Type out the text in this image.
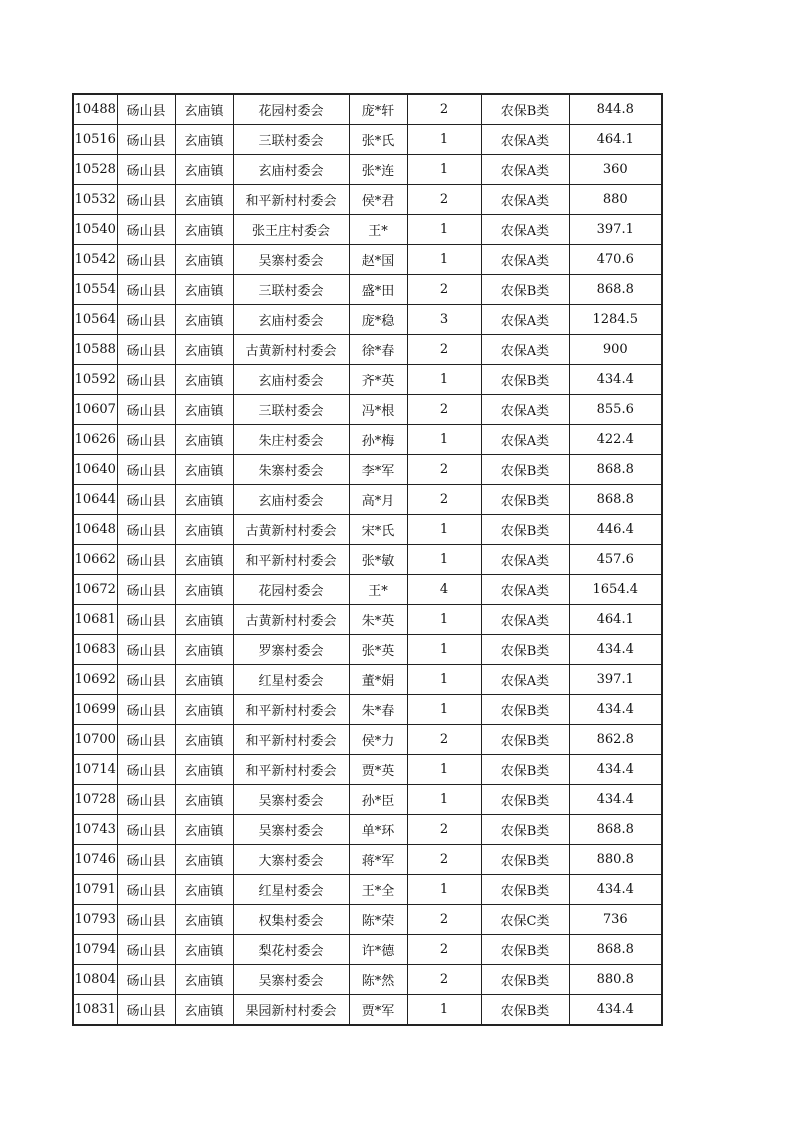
10488	砀山县	玄庙镇	花园村委会	庞*轩	2	农保B类	844.8
10516	砀山县	玄庙镇	三联村委会	张*氏	1	农保A类	464.1
10528	砀山县	玄庙镇	玄庙村委会	张*连	1	农保A类	360
10532	砀山县	玄庙镇	和平新村村委会	侯*君	2	农保A类	880
10540	砀山县	玄庙镇	张王庄村委会	王*	1	农保A类	397.1
10542	砀山县	玄庙镇	吴寨村委会	赵*国	1	农保A类	470.6
10554	砀山县	玄庙镇	三联村委会	盛*田	2	农保B类	868.8
10564	砀山县	玄庙镇	玄庙村委会	庞*稳	3	农保A类	1284.5
10588	砀山县	玄庙镇	古黄新村村委会	徐*春	2	农保A类	900
10592	砀山县	玄庙镇	玄庙村委会	齐*英	1	农保B类	434.4
10607	砀山县	玄庙镇	三联村委会	冯*根	2	农保A类	855.6
10626	砀山县	玄庙镇	朱庄村委会	孙*梅	1	农保A类	422.4
10640	砀山县	玄庙镇	朱寨村委会	李*军	2	农保B类	868.8
10644	砀山县	玄庙镇	玄庙村委会	高*月	2	农保B类	868.8
10648	砀山县	玄庙镇	古黄新村村委会	宋*氏	1	农保B类	446.4
10662	砀山县	玄庙镇	和平新村村委会	张*敏	1	农保A类	457.6
10672	砀山县	玄庙镇	花园村委会	王*	4	农保A类	1654.4
10681	砀山县	玄庙镇	古黄新村村委会	朱*英	1	农保A类	464.1
10683	砀山县	玄庙镇	罗寨村委会	张*英	1	农保B类	434.4
10692	砀山县	玄庙镇	红星村委会	董*娟	1	农保A类	397.1
10699	砀山县	玄庙镇	和平新村村委会	朱*春	1	农保B类	434.4
10700	砀山县	玄庙镇	和平新村村委会	侯*力	2	农保B类	862.8
10714	砀山县	玄庙镇	和平新村村委会	贾*英	1	农保B类	434.4
10728	砀山县	玄庙镇	吴寨村委会	孙*臣	1	农保B类	434.4
10743	砀山县	玄庙镇	吴寨村委会	单*环	2	农保B类	868.8
10746	砀山县	玄庙镇	大寨村委会	蒋*军	2	农保B类	880.8
10791	砀山县	玄庙镇	红星村委会	王*全	1	农保B类	434.4
10793	砀山县	玄庙镇	权集村委会	陈*荣	2	农保C类	736
10794	砀山县	玄庙镇	梨花村委会	许*德	2	农保B类	868.8
10804	砀山县	玄庙镇	吴寨村委会	陈*然	2	农保B类	880.8
10831	砀山县	玄庙镇	果园新村村委会	贾*军	1	农保B类	434.4
